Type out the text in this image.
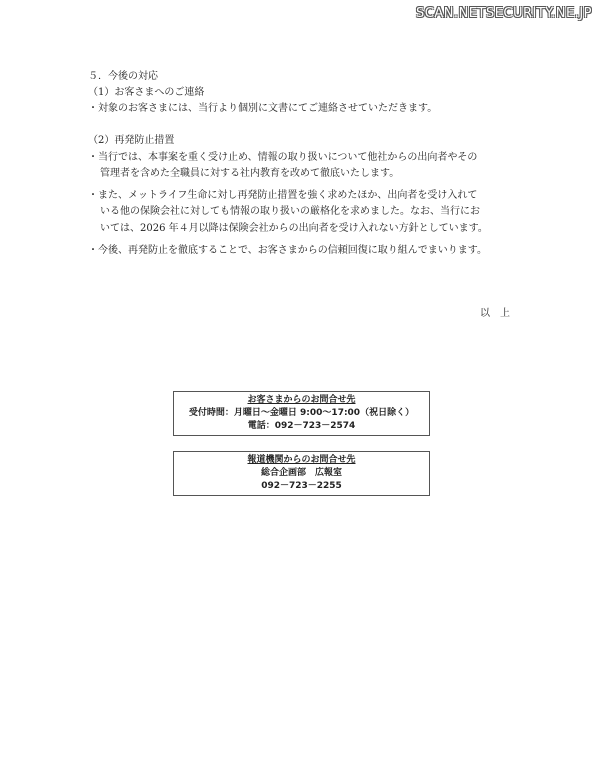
SCAN.NETSECURITY.NE.JP
５．今後の対応
（1）お客さまへのご連絡
・対象のお客さまには、当行より個別に文書にてご連絡させていただきます。
（2）再発防止措置
・当行では、本事案を重く受け止め、情報の取り扱いについて他社からの出向者やその
管理者を含めた全職員に対する社内教育を改めて徹底いたします。
・また、メットライフ生命に対し再発防止措置を強く求めたほか、出向者を受け入れて
いる他の保険会社に対しても情報の取り扱いの厳格化を求めました。なお、当行にお
いては、2026 年４月以降は保険会社からの出向者を受け入れない方針としています。
・今後、再発防止を徹底することで、お客さまからの信頼回復に取り組んでまいります。
以　上
お客さまからのお問合せ先
受付時間：月曜日～金曜日 9:00～17:00（祝日除く）
電話：092－723－2574
報道機関からのお問合せ先
総合企画部　広報室
092－723－2255
